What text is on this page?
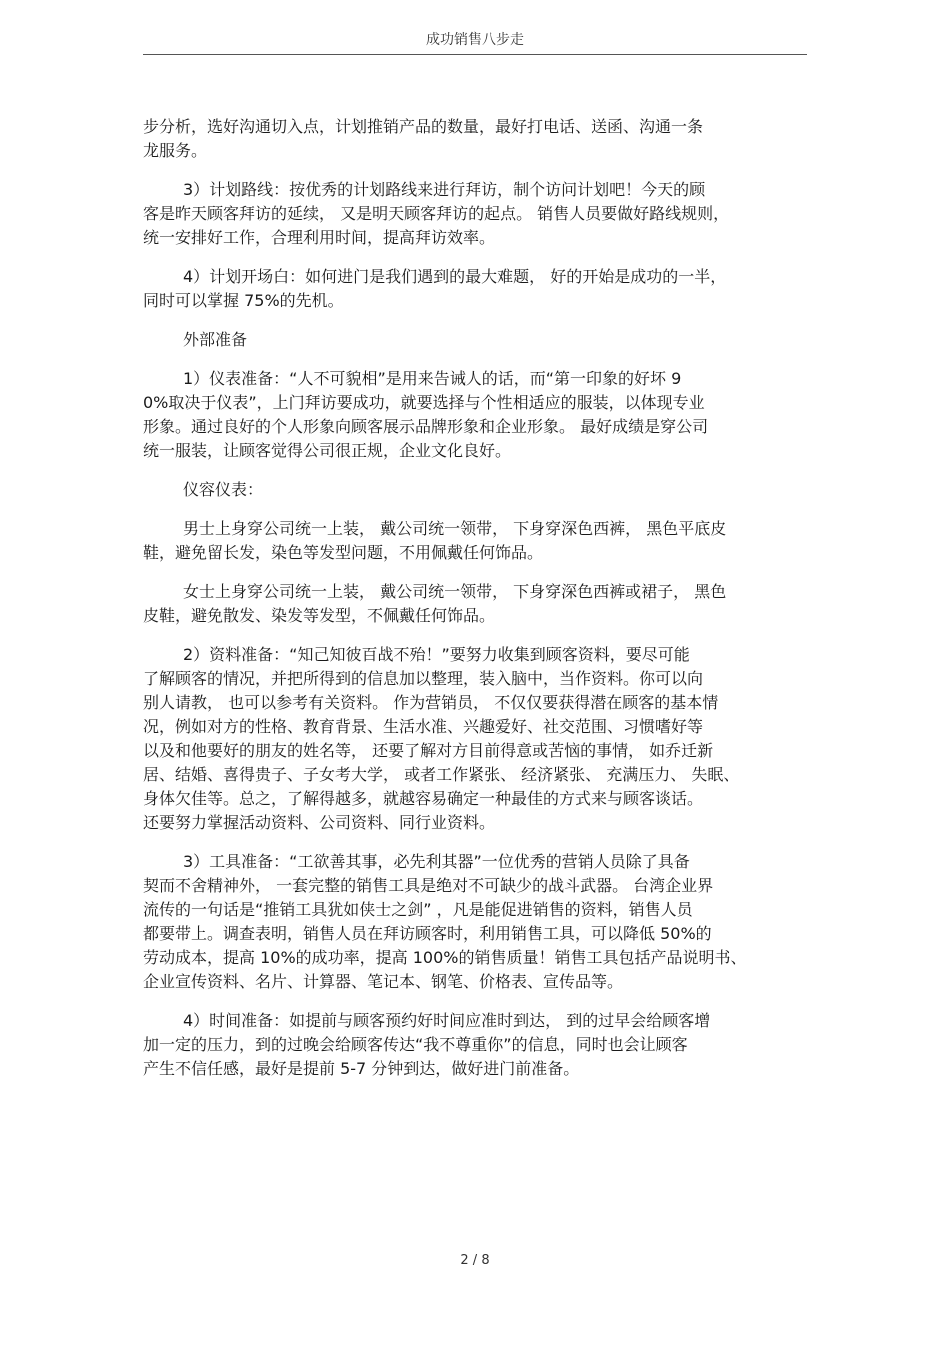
成功销售八步走
步分析，选好沟通切入点，计划推销产品的数量，最好打电话、送函、沟通一条
龙服务。
3）计划路线：按优秀的计划路线来进行拜访，制个访问计划吧！今天的顾
客是昨天顾客拜访的延续， 又是明天顾客拜访的起点。 销售人员要做好路线规则，
统一安排好工作，合理利用时间，提高拜访效率。
4）计划开场白：如何进门是我们遇到的最大难题， 好的开始是成功的一半，
同时可以掌握 75%的先机。
外部准备
1）仪表准备：“人不可貌相”是用来告诫人的话，而“第一印象的好坏 9
0%取决于仪表”，上门拜访要成功，就要选择与个性相适应的服装，以体现专业
形象。通过良好的个人形象向顾客展示品牌形象和企业形象。 最好成绩是穿公司
统一服装，让顾客觉得公司很正规，企业文化良好。
仪容仪表：
男士上身穿公司统一上装， 戴公司统一领带， 下身穿深色西裤， 黑色平底皮
鞋，避免留长发，染色等发型问题，不用佩戴任何饰品。
女士上身穿公司统一上装， 戴公司统一领带， 下身穿深色西裤或裙子， 黑色
皮鞋，避免散发、染发等发型，不佩戴任何饰品。
2）资料准备：“知己知彼百战不殆！”要努力收集到顾客资料，要尽可能
了解顾客的情况，并把所得到的信息加以整理，装入脑中，当作资料。你可以向
别人请教， 也可以参考有关资料。 作为营销员， 不仅仅要获得潜在顾客的基本情
况，例如对方的性格、教育背景、生活水准、兴趣爱好、社交范围、习惯嗜好等
以及和他要好的朋友的姓名等， 还要了解对方目前得意或苦恼的事情， 如乔迁新
居、结婚、喜得贵子、子女考大学， 或者工作紧张、 经济紧张、 充满压力、 失眠、
身体欠佳等。总之，了解得越多，就越容易确定一种最佳的方式来与顾客谈话。
还要努力掌握活动资料、公司资料、同行业资料。
3）工具准备：“工欲善其事，必先利其器”一位优秀的营销人员除了具备
契而不舍精神外， 一套完整的销售工具是绝对不可缺少的战斗武器。 台湾企业界
流传的一句话是“推销工具犹如侠士之剑” ，凡是能促进销售的资料，销售人员
都要带上。调查表明，销售人员在拜访顾客时，利用销售工具，可以降低 50%的
劳动成本，提高 10%的成功率，提高 100%的销售质量！销售工具包括产品说明书、
企业宣传资料、名片、计算器、笔记本、钢笔、价格表、宣传品等。
4）时间准备：如提前与顾客预约好时间应准时到达， 到的过早会给顾客增
加一定的压力，到的过晚会给顾客传达“我不尊重你”的信息，同时也会让顾客
产生不信任感，最好是提前 5-7 分钟到达，做好进门前准备。
2 / 8
